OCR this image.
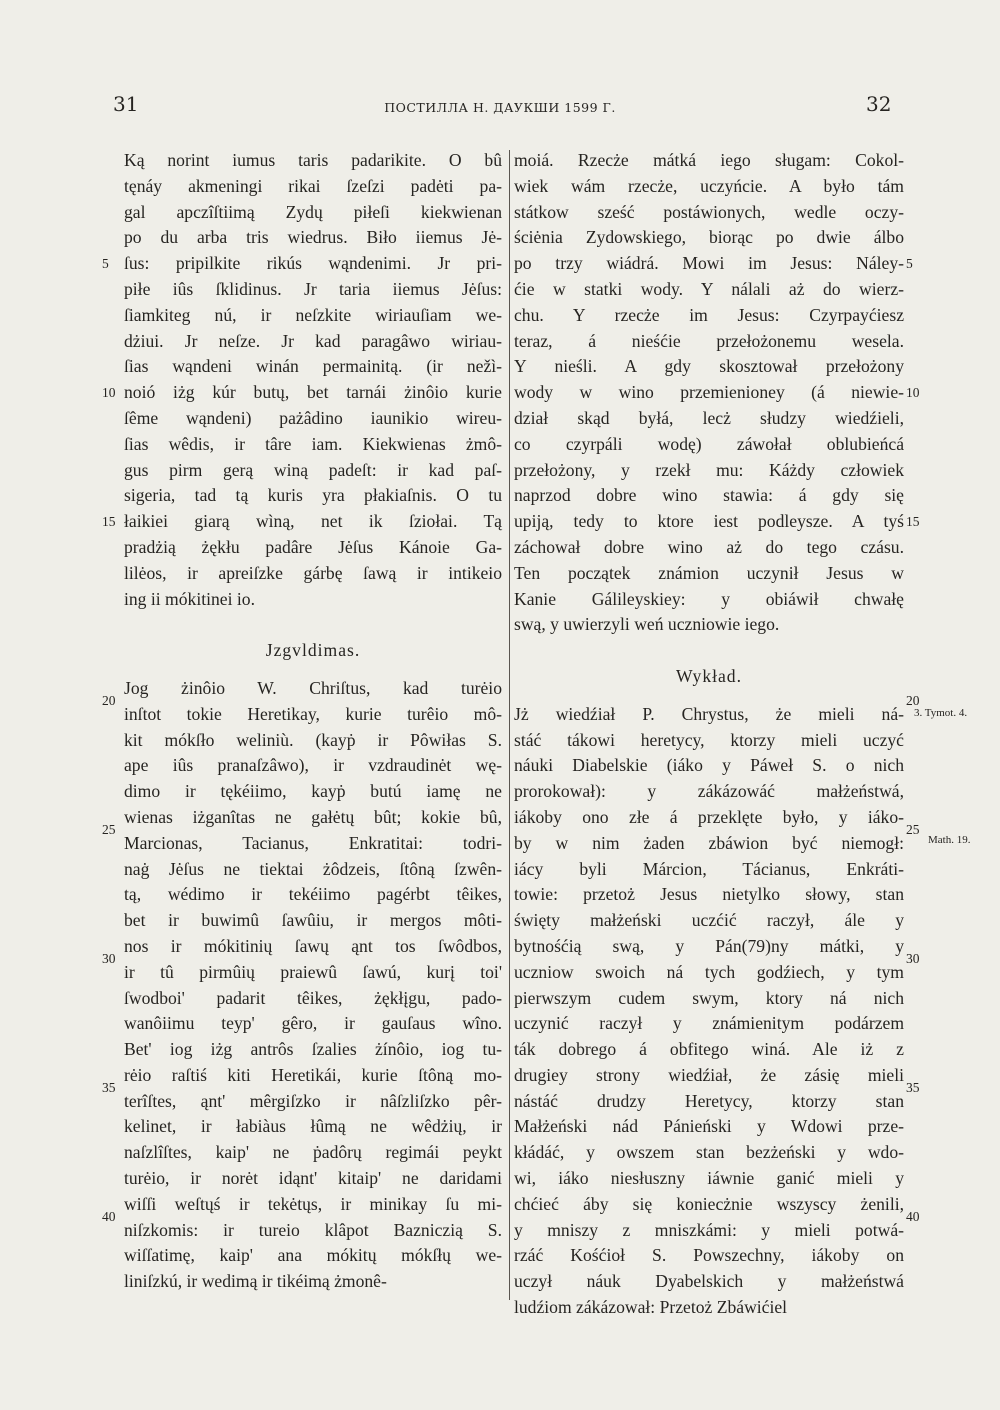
31	ПОСТИЛЛА Н. ДАУКШИ 1599 Г.	32
Ką norint iumus taris padarikite. O bû
tęnáy akmeningi rikai ſzeſzi padėti pa-
gal apczîſtiimą Zydų piłeſi kiekwienan
po du arba tris wiedrus. Biło iiemus Jė-
ſus: pripilkite rikús wąndenimi. Jr pri-
piłe iûs ſklidinus. Jr taria iiemus Jėſus:
ſiamkiteg nú, ir neſzkite wiriauſiam we-
dżiui. Jr neſze. Jr kad paragâwo wiriau-
ſias wąndeni winán permainitą. (ir nežì-
noió iżg kúr butų, bet tarnái żinôio kurie
ſême wąndeni) pażâdino iaunikio wireu-
ſias wêdis, ir târe iam. Kiekwienas żmô-
gus pirm gerą winą padeſt: ir kad paſ-
sigeria, tad tą kuris yra płakiaſnis. O tu
łaikiei giarą wìną, net ik ſziołai. Tą
pradżią żękłu padâre Jėſus Kánoie Ga-
lilėos, ir apreiſzke gárbę ſawą ir intikeio
ing ii mókitinei io.
Jzgvldimas.
Jog żinôio W. Chriſtus, kad turėio
inſtot tokie Heretikay, kurie turêio mô-
kit mókſło weliniù. (kayṗ ir Pôwiłas S.
ape iûs pranaſzâwo), ir vzdraudinėt wę-
dimo ir tękéiimo, kayṗ butú iamę ne
wienas iżganîtas ne gałėtų bût; kokie bû,
Marcionas, Tacianus, Enkratitai: todri-
naġ Jėſus ne tiektai żôdzeis, ſtôną ſzwên-
tą, wédimo ir tekéiimo pagérbt têikes,
bet ir buwimû ſawûiu, ir mergos môti-
nos ir mókitinių ſawų ąnt tos ſwôdbos,
ir tû pirmûių praiewû ſawú, kurį toi'
ſwodboi' padarit têikes, żękłįgu, pado-
wanôiimu teyp' gêro, ir gauſaus wîno.
Bet' iog iżg antrôs ſzalies żínôio, iog tu-
rėio raſtiś kiti Heretikái, kurie ſtôną mo-
terîſtes, ąnt' mêrgiſzko ir nâſzliſzko pêr-
kelinet, ir łabiàus łûmą ne wêdżių, ir
naſzlîſtes, kaip' ne ṗadôrų regimái peykt
turėio, ir norėt idąnt' kitaip' ne daridami
wiſſi weſtųś ir tekėtųs, ir minikay ſu mi-
niſzkomis: ir tureio klâpot Bazniczią S.
wiſſatimę, kaip' ana mókitų mókſłų we-
liniſzkú, ir wedimą ir tikéimą żmonê-
moiá. Rzecże mátká iego sługam: Cokol-
wiek wám rzecże, uczyńcie. A było tám
státkow sześć postáwionych, wedle oczy-
ściėnia Zydowskiego, biorąc po dwie álbo
po trzy wiádrá. Mowi im Jesus: Náley-
ćie w statki wody. Y nálali aż do wierz-
chu. Y rzecże im Jesus: Czyrpayćiesz
teraz, á nieśćie przełożonemu wesela.
Y nieśli. A gdy skosztował przełożony
wody w wino przemienioney (á niewie-
dział skąd byłá, lecż słudzy wiedźieli,
co czyrpáli wodę) záwołał oblubieńcá
przełożony, y rzekł mu: Káżdy człowiek
naprzod dobre wino stawia: á gdy się
upiją, tedy to ktore iest podleysze. A tyś
záchował dobre wino aż do tego czásu.
Ten początek známion uczynił Jesus w
Kanie Gálileyskiey: y obiáwił chwałę
swą, y uwierzyli weń uczniowie iego.
Wykład.
Jż wiedźiał P. Chrystus, że mieli ná-
stáć tákowi heretycy, ktorzy mieli uczyć
náuki Diabelskie (iáko y Páweł S. o nich
prorokował): y zákázowáć małżeństwá,
iákoby ono złe á przeklęte było, y iáko-
by w nim żaden zbáwion być niemogł:
iácy byli Márcion, Tácianus, Enkráti-
towie: przetoż Jesus nietylko słowy, stan
święty małżeński uczćić raczył, ále y
bytnośćią swą, y Pán(79)ny mátki, y
uczniow swoich ná tych godźiech, y tym
pierwszym cudem swym, ktory ná nich
uczynić raczył y známienitym podárzem
ták dobrego á obfitego winá. Ale iż z
drugiey strony wiedźiał, że zásię mieli
nástáć drudzy Heretycy, ktorzy stan
Małżeński nád Pánieński y Wdowi prze-
kłádáć, y owszem stan bezżeński y wdo-
wi, iáko niesłuszny iáwnie ganić mieli y
chćieć áby się koniecżnie wszyscy żenili,
y mniszy z mniszkámi: y mieli potwá-
rzáć Kośćioł S. Powszechny, iákoby on
uczył náuk Dyabelskich y małżeństwá
ludźiom zákázował: Przetoż Zbáwićiel
5
10
15
20
25
30
35
40
5
10
15
20
25
30
35
40
3. Tymot. 4.
Math. 19.
